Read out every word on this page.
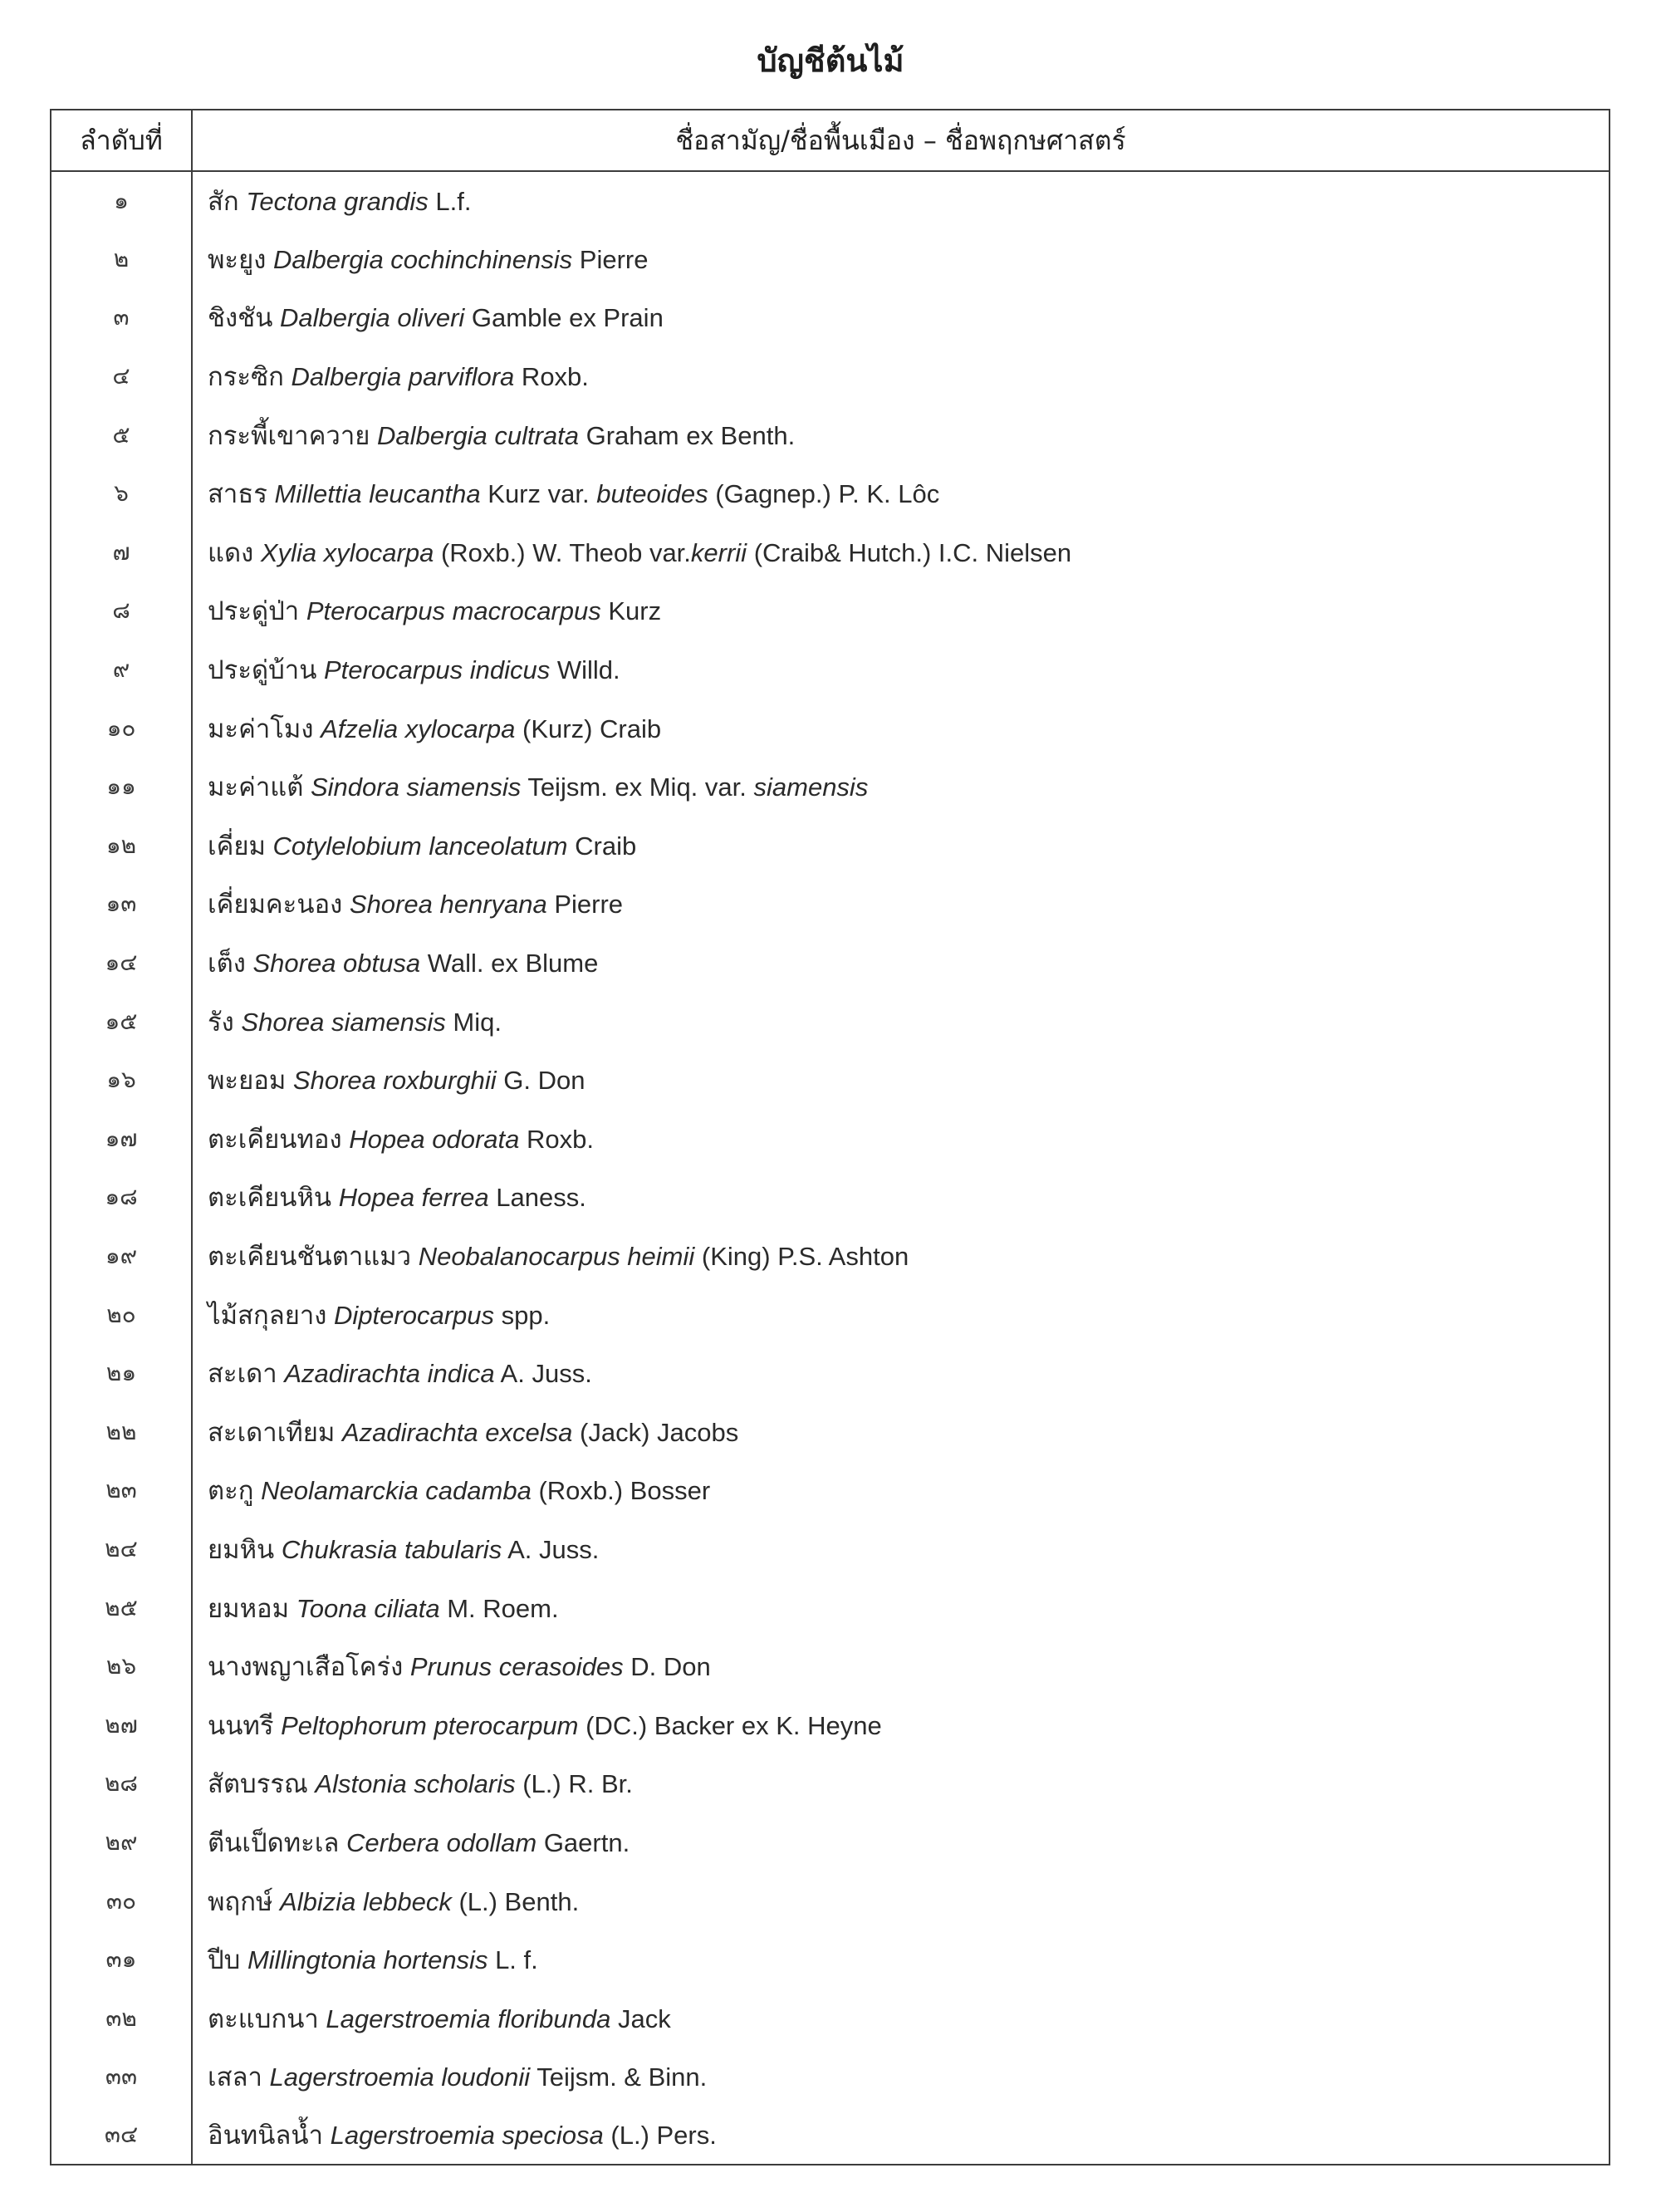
บัญชีต้นไม้
ลำดับที่	ชื่อสามัญ/ชื่อพื้นเมือง – ชื่อพฤกษศาสตร์
๑	สัก Tectona grandis L.f.
๒	พะยูง Dalbergia cochinchinensis Pierre
๓	ชิงชัน Dalbergia oliveri Gamble ex Prain
๔	กระซิก Dalbergia parviflora Roxb.
๕	กระพี้เขาควาย Dalbergia cultrata Graham ex Benth.
๖	สาธร Millettia leucantha Kurz var. buteoides (Gagnep.) P. K. Lôc
๗	แดง Xylia xylocarpa (Roxb.) W. Theob var.kerrii (Craib& Hutch.) I.C. Nielsen
๘	ประดู่ป่า Pterocarpus macrocarpus Kurz
๙	ประดู่บ้าน Pterocarpus indicus Willd.
๑๐	มะค่าโมง Afzelia xylocarpa (Kurz) Craib
๑๑	มะค่าแต้ Sindora siamensis Teijsm. ex Miq. var. siamensis
๑๒	เคี่ยม Cotylelobium lanceolatum Craib
๑๓	เคี่ยมคะนอง Shorea henryana Pierre
๑๔	เต็ง Shorea obtusa Wall. ex Blume
๑๕	รัง Shorea siamensis Miq.
๑๖	พะยอม Shorea roxburghii G. Don
๑๗	ตะเคียนทอง Hopea odorata Roxb.
๑๘	ตะเคียนหิน Hopea ferrea Laness.
๑๙	ตะเคียนชันตาแมว Neobalanocarpus heimii (King) P.S. Ashton
๒๐	ไม้สกุลยาง Dipterocarpus spp.
๒๑	สะเดา Azadirachta indica A. Juss.
๒๒	สะเดาเทียม Azadirachta excelsa (Jack) Jacobs
๒๓	ตะกู Neolamarckia cadamba (Roxb.) Bosser
๒๔	ยมหิน Chukrasia tabularis A. Juss.
๒๕	ยมหอม Toona ciliata M. Roem.
๒๖	นางพญาเสือโคร่ง Prunus cerasoides D. Don
๒๗	นนทรี Peltophorum pterocarpum (DC.) Backer ex K. Heyne
๒๘	สัตบรรณ Alstonia scholaris (L.) R. Br.
๒๙	ตีนเป็ดทะเล Cerbera odollam Gaertn.
๓๐	พฤกษ์ Albizia lebbeck (L.) Benth.
๓๑	ปีบ Millingtonia hortensis L. f.
๓๒	ตะแบกนา Lagerstroemia floribunda Jack
๓๓	เสลา Lagerstroemia loudonii Teijsm. & Binn.
๓๔	อินทนิลน้ำ Lagerstroemia speciosa (L.) Pers.
